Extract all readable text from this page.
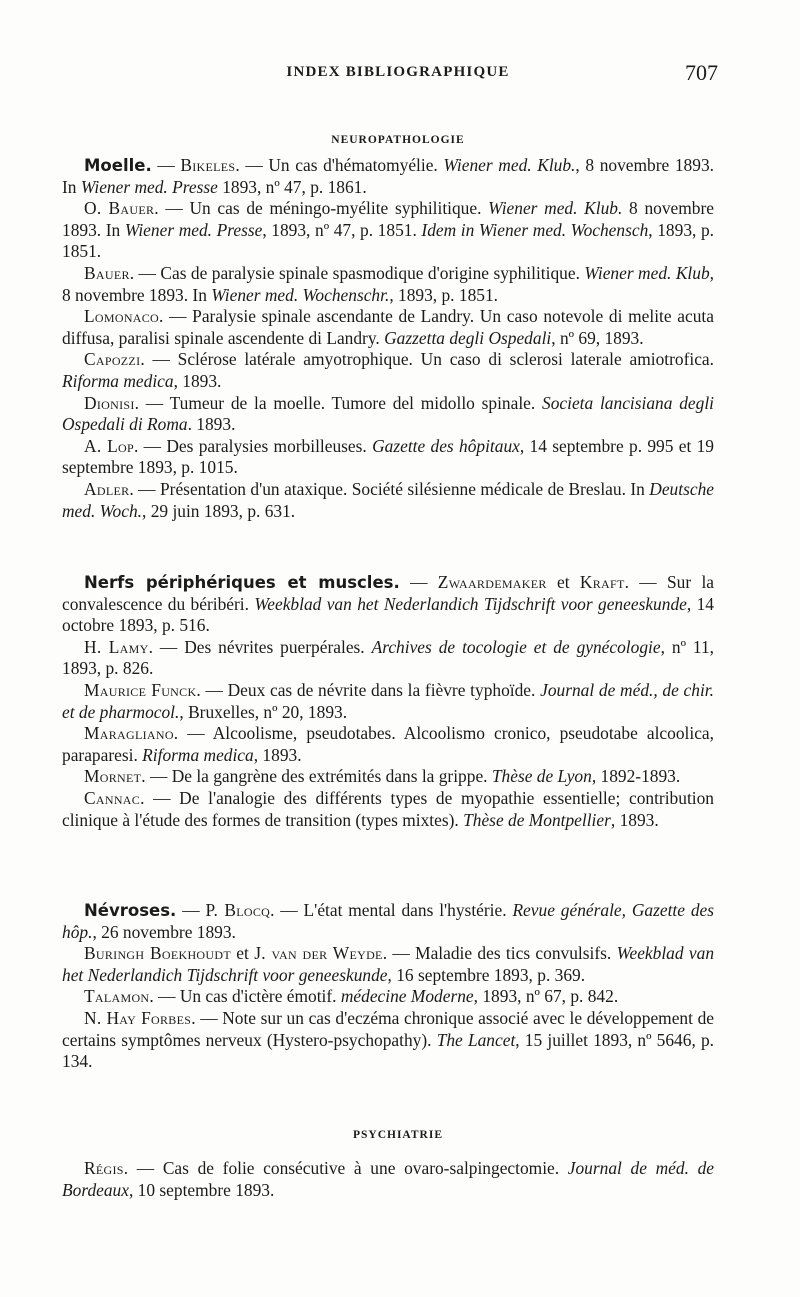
INDEX BIBLIOGRAPHIQUE	707
NEUROPATHOLOGIE

Moelle. — Bikeles. — Un cas d'hématomyélie. Wiener med. Klub., 8 novembre 1893. In Wiener med. Presse 1893, nº 47, p. 1861.

O. Bauer. — Un cas de méningo-myélite syphilitique. Wiener med. Klub. 8 novembre 1893. In Wiener med. Presse, 1893, nº 47, p. 1851. Idem in Wiener med. Wochensch, 1893, p. 1851.

Bauer. — Cas de paralysie spinale spasmodique d'origine syphilitique. Wiener med. Klub, 8 novembre 1893. In Wiener med. Wochenschr., 1893, p. 1851.

Lomonaco. — Paralysie spinale ascendante de Landry. Un caso notevole di melite acuta diffusa, paralisi spinale ascendente di Landry. Gazzetta degli Ospedali, nº 69, 1893.

Capozzi. — Sclérose latérale amyotrophique. Un caso di sclerosi laterale amiotrofica. Riforma medica, 1893.

Dionisi. — Tumeur de la moelle. Tumore del midollo spinale. Societa lancisiana degli Ospedali di Roma. 1893.

A. Lop. — Des paralysies morbilleuses. Gazette des hôpitaux, 14 septembre p. 995 et 19 septembre 1893, p. 1015.

Adler. — Présentation d'un ataxique. Société silésienne médicale de Breslau. In Deutsche med. Woch., 29 juin 1893, p. 631.

Nerfs périphériques et muscles. — Zwaardemaker et Kraft. — Sur la convalescence du béribéri. Weekblad van het Nederlandich Tijdschrift voor geneeskunde, 14 octobre 1893, p. 516.

H. Lamy. — Des névrites puerpérales. Archives de tocologie et de gynécologie, nº 11, 1893, p. 826.

Maurice Funck. — Deux cas de névrite dans la fièvre typhoïde. Journal de méd., de chir. et de pharmocol., Bruxelles, nº 20, 1893.

Maragliano. — Alcoolisme, pseudotabes. Alcoolismo cronico, pseudotabe alcoolica, paraparesi. Riforma medica, 1893.

Mornet. — De la gangrène des extrémités dans la grippe. Thèse de Lyon, 1892-1893.

Cannac. — De l'analogie des différents types de myopathie essentielle; contribution clinique à l'étude des formes de transition (types mixtes). Thèse de Montpellier, 1893.

Névroses. — P. Blocq. — L'état mental dans l'hystérie. Revue générale, Gazette des hôp., 26 novembre 1893.

Buringh Boekhoudt et J. van der Weyde. — Maladie des tics convulsifs. Weekblad van het Nederlandich Tijdschrift voor geneeskunde, 16 septembre 1893, p. 369.

Talamon. — Un cas d'ictère émotif. médecine Moderne, 1893, nº 67, p. 842.

N. Hay Forbes. — Note sur un cas d'eczéma chronique associé avec le développement de certains symptômes nerveux (Hystero-psychopathy). The Lancet, 15 juillet 1893, nº 5646, p. 134.

PSYCHIATRIE

Régis. — Cas de folie consécutive à une ovaro-salpingectomie. Journal de méd. de Bordeaux, 10 septembre 1893.
